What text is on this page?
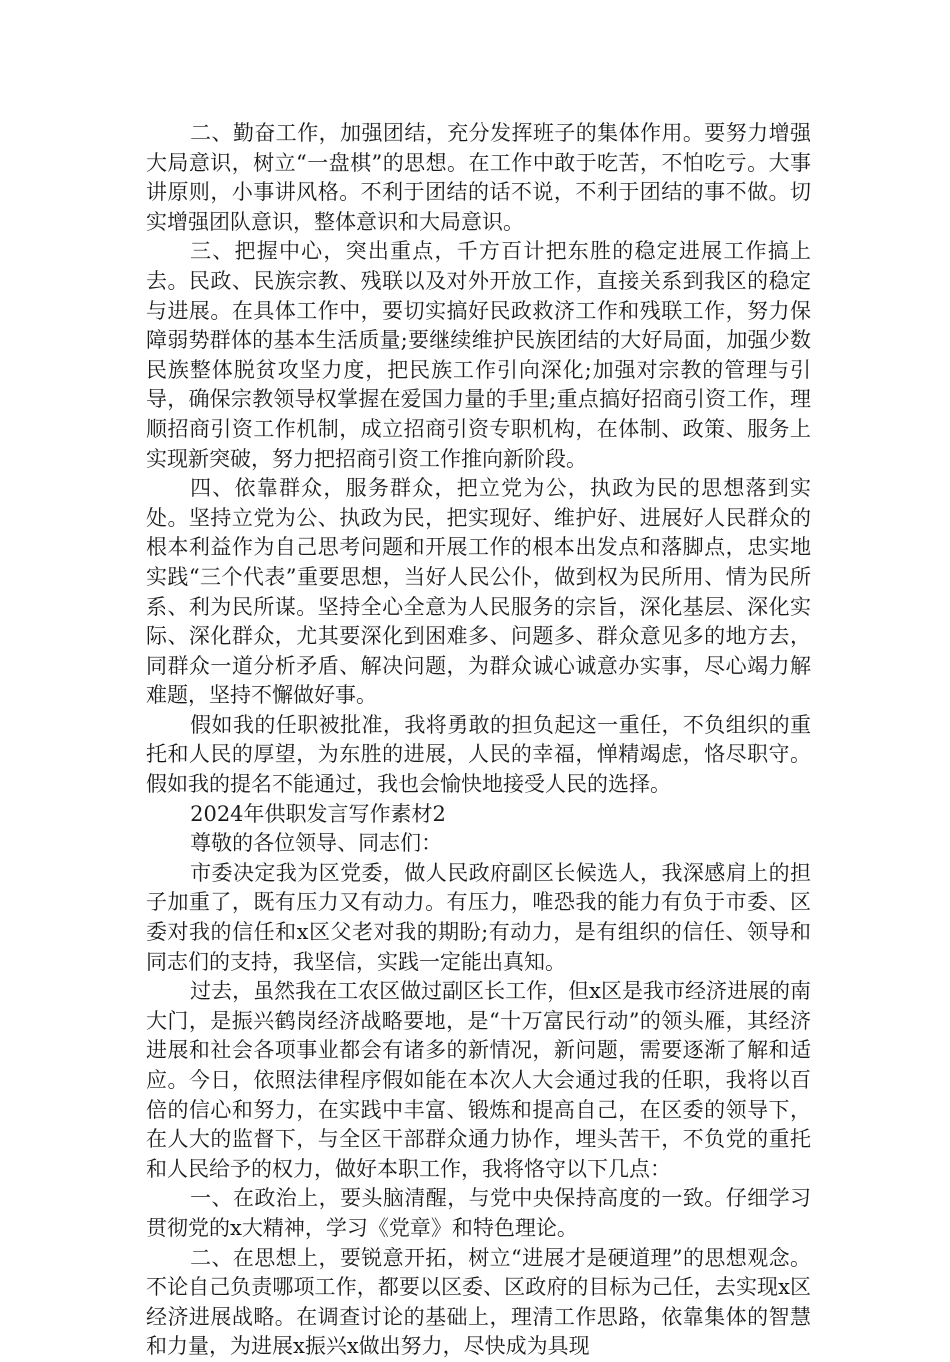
二、勤奋工作，加强团结，充分发挥班子的集体作用。要努力增强大局意识，树立“一盘棋”的思想。在工作中敢于吃苦，不怕吃亏。大事讲原则，小事讲风格。不利于团结的话不说，不利于团结的事不做。切实增强团队意识，整体意识和大局意识。

三、把握中心，突出重点，千方百计把东胜的稳定进展工作搞上去。民政、民族宗教、残联以及对外开放工作，直接关系到我区的稳定与进展。在具体工作中，要切实搞好民政救济工作和残联工作，努力保障弱势群体的基本生活质量;要继续维护民族团结的大好局面，加强少数民族整体脱贫攻坚力度，把民族工作引向深化;加强对宗教的管理与引导，确保宗教领导权掌握在爱国力量的手里;重点搞好招商引资工作，理顺招商引资工作机制，成立招商引资专职机构，在体制、政策、服务上实现新突破，努力把招商引资工作推向新阶段。

四、依靠群众，服务群众，把立党为公，执政为民的思想落到实处。坚持立党为公、执政为民，把实现好、维护好、进展好人民群众的根本利益作为自己思考问题和开展工作的根本出发点和落脚点，忠实地实践“三个代表”重要思想，当好人民公仆，做到权为民所用、情为民所系、利为民所谋。坚持全心全意为人民服务的宗旨，深化基层、深化实际、深化群众，尤其要深化到困难多、问题多、群众意见多的地方去，同群众一道分析矛盾、解决问题，为群众诚心诚意办实事，尽心竭力解难题，坚持不懈做好事。

假如我的任职被批准，我将勇敢的担负起这一重任，不负组织的重托和人民的厚望，为东胜的进展，人民的幸福，惮精竭虑，恪尽职守。假如我的提名不能通过，我也会愉快地接受人民的选择。

2024年供职发言写作素材2

尊敬的各位领导、同志们：

市委决定我为区党委，做人民政府副区长候选人，我深感肩上的担子加重了，既有压力又有动力。有压力，唯恐我的能力有负于市委、区委对我的信任和x区父老对我的期盼;有动力，是有组织的信任、领导和同志们的支持，我坚信，实践一定能出真知。

过去，虽然我在工农区做过副区长工作，但x区是我市经济进展的南大门，是振兴鹤岗经济战略要地，是“十万富民行动”的领头雁，其经济进展和社会各项事业都会有诸多的新情况，新问题，需要逐渐了解和适应。今日，依照法律程序假如能在本次人大会通过我的任职，我将以百倍的信心和努力，在实践中丰富、锻炼和提高自己，在区委的领导下，在人大的监督下，与全区干部群众通力协作，埋头苦干，不负党的重托和人民给予的权力，做好本职工作，我将恪守以下几点：

一、在政治上，要头脑清醒，与党中央保持高度的一致。仔细学习贯彻党的x大精神，学习《党章》和特色理论。

二、在思想上，要锐意开拓，树立“进展才是硬道理”的思想观念。不论自己负责哪项工作，都要以区委、区政府的目标为己任，去实现x区经济进展战略。在调查讨论的基础上，理清工作思路，依靠集体的智慧和力量，为进展x振兴x做出努力，尽快成为具现
